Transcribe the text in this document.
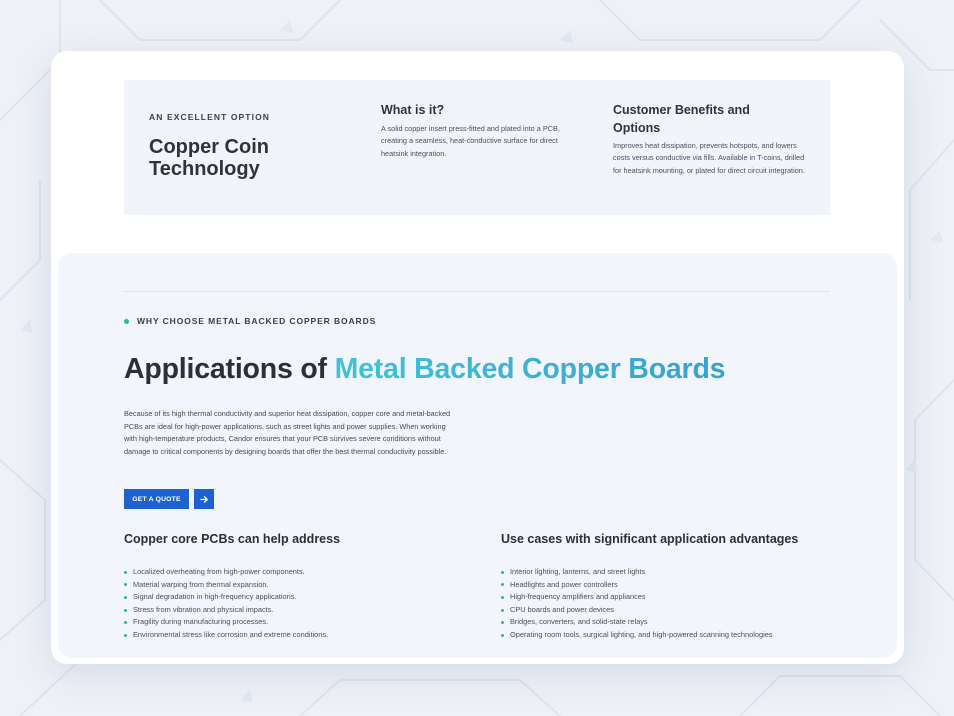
AN EXCELLENT OPTION
Copper Coin Technology
What is it?
A solid copper insert press-fitted and plated into a PCB, creating a seamless, heat-conductive surface for direct heatsink integration.
Customer Benefits and Options
Improves heat dissipation, prevents hotspots, and lowers costs versus conductive via fills. Available in T-coins, drilled for heatsink mounting, or plated for direct circuit integration.
WHY CHOOSE METAL BACKED COPPER BOARDS
Applications of Metal Backed Copper Boards

Because of its high thermal conductivity and superior heat dissipation, copper core and metal-backed PCBs are ideal for high-power applications, such as street lights and power supplies. When working with high-temperature products, Candor ensures that your PCB survives severe conditions without damage to critical components by designing boards that offer the best thermal conductivity possible.

GET A QUOTE
Copper core PCBs can help address
Localized overheating from high-power components.
Material warping from thermal expansion.
Signal degradation in high-frequency applications.
Stress from vibration and physical impacts.
Fragility during manufacturing processes.
Environmental stress like corrosion and extreme conditions.
Use cases with significant application advantages
Interior lighting, lanterns, and street lights
Headlights and power controllers
High-frequency amplifiers and appliances
CPU boards and power devices
Bridges, converters, and solid-state relays
Operating room tools, surgical lighting, and high-powered scanning technologies
